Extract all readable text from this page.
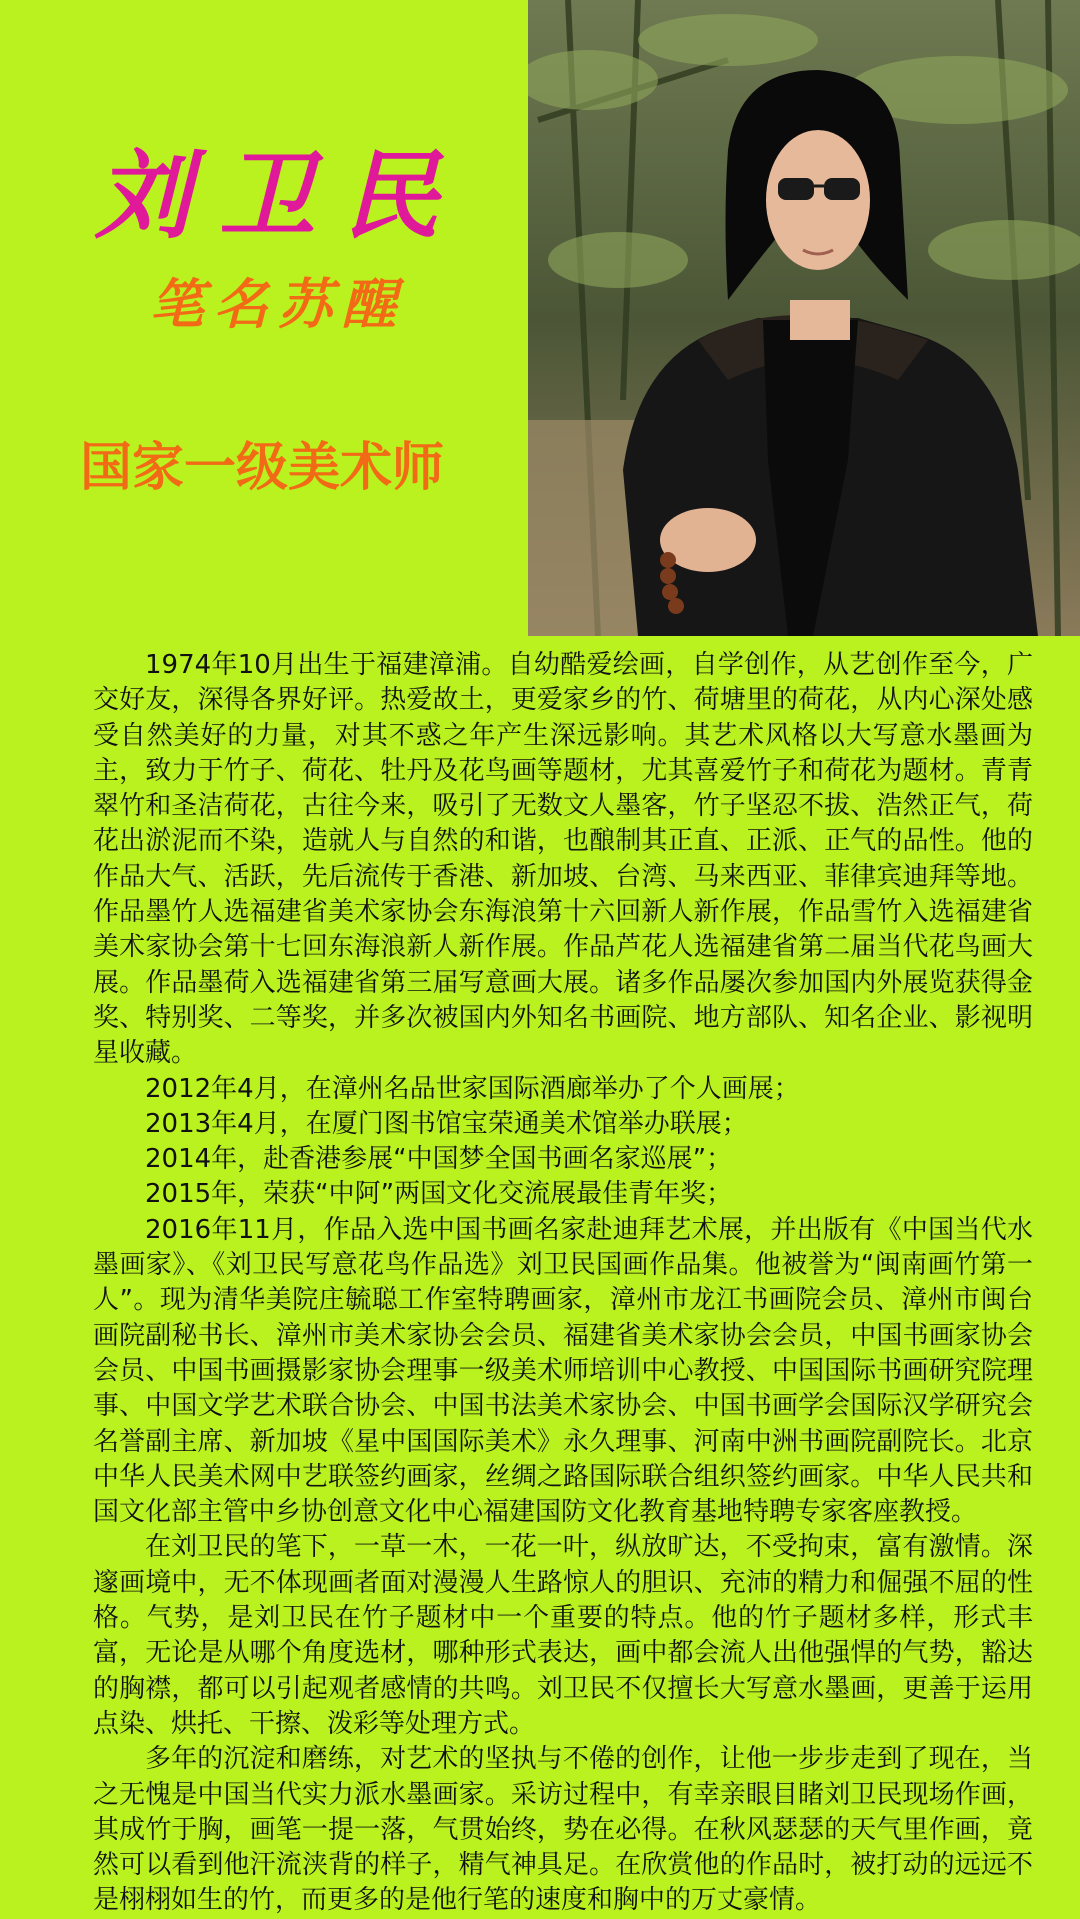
刘卫民
笔名苏醒
国家一级美术师

1974年10月出生于福建漳浦。自幼酷爱绘画，自学创作，从艺创作至今，广交好友，深得各界好评。热爱故土，更爱家乡的竹、荷塘里的荷花，从内心深处感受自然美好的力量，对其不惑之年产生深远影响。其艺术风格以大写意水墨画为主，致力于竹子、荷花、牡丹及花鸟画等题材，尤其喜爱竹子和荷花为题材。青青翠竹和圣洁荷花，古往今来，吸引了无数文人墨客，竹子坚忍不拔、浩然正气，荷花出淤泥而不染，造就人与自然的和谐，也酿制其正直、正派、正气的品性。他的作品大气、活跃，先后流传于香港、新加坡、台湾、马来西亚、菲律宾迪拜等地。作品墨竹人选福建省美术家协会东海浪第十六回新人新作展，作品雪竹入选福建省美术家协会第十七回东海浪新人新作展。作品芦花人选福建省第二届当代花鸟画大展。作品墨荷入选福建省第三届写意画大展。诸多作品屡次参加国内外展览获得金奖、特别奖、二等奖，并多次被国内外知名书画院、地方部队、知名企业、影视明星收藏。

2012年4月，在漳州名品世家国际酒廊举办了个人画展；

2013年4月，在厦门图书馆宝荣通美术馆举办联展；

2014年，赴香港参展“中国梦全国书画名家巡展”；

2015年，荣获“中阿”两国文化交流展最佳青年奖；

2016年11月，作品入选中国书画名家赴迪拜艺术展，并出版有《中国当代水墨画家》、《刘卫民写意花鸟作品选》刘卫民国画作品集。他被誉为“闽南画竹第一人”。现为清华美院庄毓聪工作室特聘画家，漳州市龙江书画院会员、漳州市闽台画院副秘书长、漳州市美术家协会会员、福建省美术家协会会员，中国书画家协会会员、中国书画摄影家协会理事一级美术师培训中心教授、中国国际书画研究院理事、中国文学艺术联合协会、中国书法美术家协会、中国书画学会国际汉学研究会名誉副主席、新加坡《星中国国际美术》永久理事、河南中洲书画院副院长。北京中华人民美术网中艺联签约画家，丝绸之路国际联合组织签约画家。中华人民共和国文化部主管中乡协创意文化中心福建国防文化教育基地特聘专家客座教授。

在刘卫民的笔下，一草一木，一花一叶，纵放旷达，不受拘束，富有激情。深邃画境中，无不体现画者面对漫漫人生路惊人的胆识、充沛的精力和倔强不屈的性格。气势，是刘卫民在竹子题材中一个重要的特点。他的竹子题材多样，形式丰富，无论是从哪个角度选材，哪种形式表达，画中都会流人出他强悍的气势，豁达的胸襟，都可以引起观者感情的共鸣。刘卫民不仅擅长大写意水墨画，更善于运用点染、烘托、干擦、泼彩等处理方式。

多年的沉淀和磨练，对艺术的坚执与不倦的创作，让他一步步走到了现在，当之无愧是中国当代实力派水墨画家。采访过程中，有幸亲眼目睹刘卫民现场作画，其成竹于胸，画笔一提一落，气贯始终，势在必得。在秋风瑟瑟的天气里作画，竟然可以看到他汗流浃背的样子，精气神具足。在欣赏他的作品时，被打动的远远不是栩栩如生的竹，而更多的是他行笔的速度和胸中的万丈豪情。
